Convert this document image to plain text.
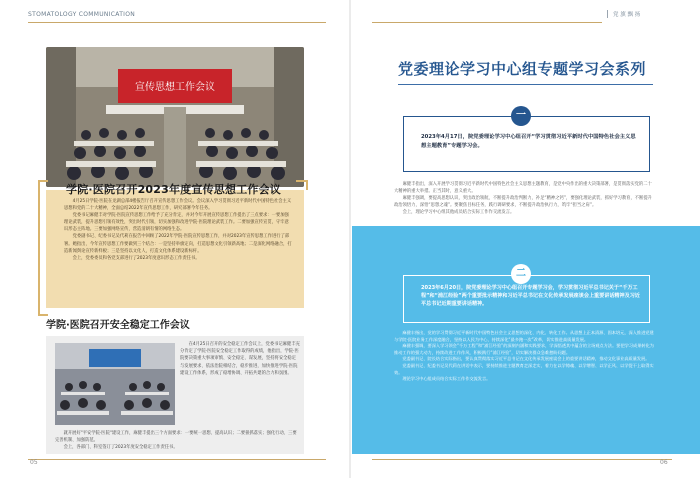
STOMATOLOGY COMMUNICATION	党 旗 飘 扬
05	06
宣传思想工作会议
学院·医院召开2023年度宣传思想工作会议

4月25日学院·医院在龙湖总部4楼报告厅召开宣传思想工作会议。会议深入学习贯彻习近平新时代中国特色社会主义思想和党的二十大精神，全面总结2022年宣传思想工作，研究部署今年任务。

党委书记麻健丰对学院·医院宣传思想工作给予了充分肯定，并对今年开展宣传思想工作提出了三点要求：一要加强理论武装，提升思想引领有效性，突出时代引领，切实加强和改进学院·医院理论武装工作。二要加强宣传宣贯，守牢意识形态主阵地。三要加强网络宣传，营造清朗有情的网络生态。

党委副书记、纪委书记吴代莉在报告中回顾了2022年学院·医院宣传思想工作，并对2023年宣传思想工作进行了部署。她指出，今年宣传思想工作要做到三个结合：一是坚持举旗定向，打造思想文化引领新高地；二是深化网络融合，打造新闻舆论宣传新样板；三是坚持以文化人，打造文化体系建设新标杆。

会上，党委委员和各党支部进行了2023年度意识形态工作责任书。

学院·医院召开安全稳定工作会议

在4月25日召开的安全稳定工作会议上，党委书记麻健丰充分肯定了学院·医院安全稳定工作取得的成绩，他指出，学院·医院要决策重大事项审慎、安全稳定、谋发展，坚持将安全稳定与发展要求、依法治院相结合，稳步推进，加快推进学院·医院建设工作体系，形成了稳增协调、开拓共建的合力和氛围。

就开展好"平安学院·医院"建设工作，麻健丰提出三个方面要求：一要统一思想、提高认识；二要狠抓落实；强化行动、三要完善机制、加强防范。

会上，各部门、科室签订了2023年度安全稳定工作责任书。

党委理论学习中心组专题学习会系列
一
2023年4月17日，院党委理论学习中心组召开“学习贯彻习近平新时代中国特色社会主义思想主题教育”专题学习会。

麻健丰指出，深入开展学习贯彻习近平新时代中国特色社会主义思想主题教育，是党中央作出的重大决策部署，是贯彻落实党的二十大精神的重大举措。正当其时，意义重大。

麻健丰强调，要提高思想认识，突出政治领航，不断提升政治判断力，补足“精神之钙”，要强化理论武装，抓好学习教育，不断提升政治领悟力，深悟“思想之魂”。要聚焦目标任务，践行调研要求，不断提升政治执行力，筑牢“担当之肩”。

会上，理论学习中心组其他成员结合实际工作作交流发言。

二
2023年6月20日，院党委理论学习中心组召开专题学习会，学习贯彻习近平总书记关于“千万工程”和“浦江经验”两个重要批示精神和习近平总书记在文化传承发展座谈会上重要讲话精神及习近平总书记近期重要讲话精神。

麻健丰指出，党的学习贯彻习近平新时代中国特色社会主义思想的深化、内化、转化工作。从思想上正本清源、固本培元，深入推进党建与学院·医院业务工作深度融合，坚持以人民为中心，持续深化“最多跑一次”改革，切实推进高质量发展。

麻健丰强调，要深入学习领会“千万工程”和“浦江经验”的深刻内涵和实践要求，学深悟透其中蕴含的立场观点方法。要把学习成果转化为推动工作的强大动力，持续改进工作作风，积极践行“浦江经验”，切实解决群众急难愁盼问题。

党委副书记、院长结合实际指出，要认真贯彻落实习近平总书记在文化传承发展座谈会上的重要讲话精神，推动文化事业高质量发展。

党委副书记、纪委书记吴代莉在讲话中表示，要持续推进主题教育走深走实，着力在以学铸魂、以学增智、以学正风、以学促干上取得实效。

理论学习中心组成员结合实际工作作交流发言。
